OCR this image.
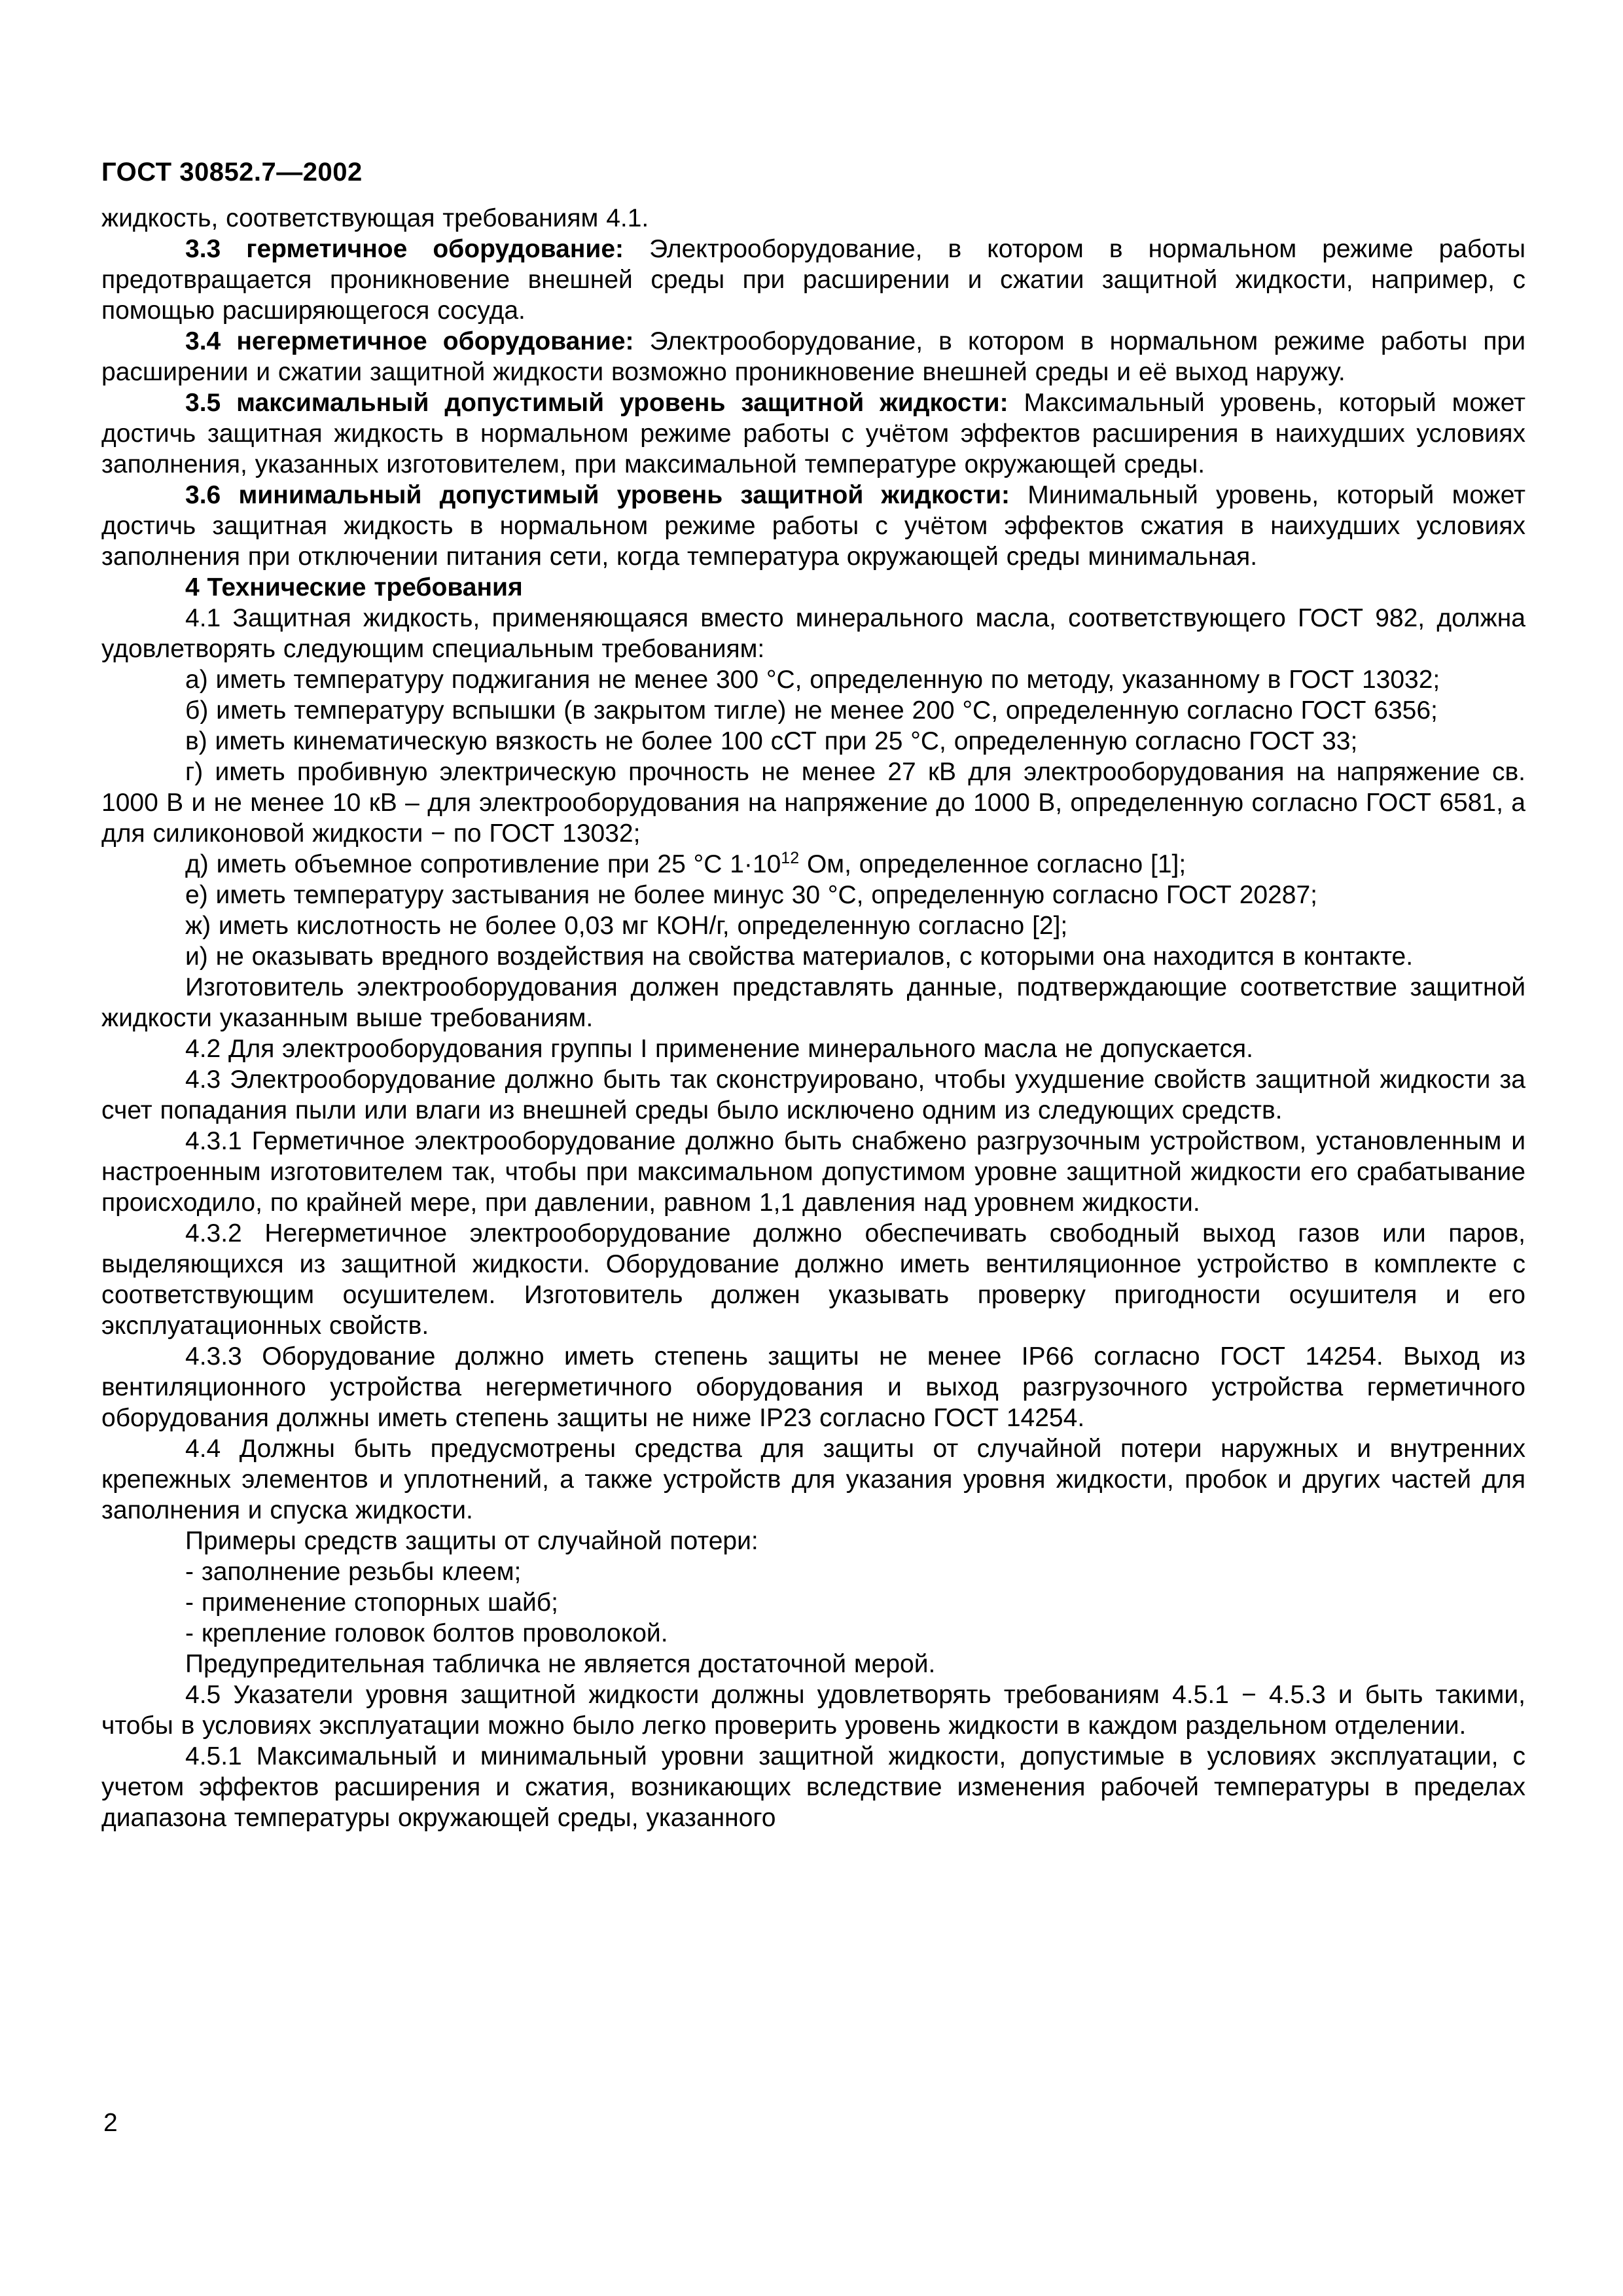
ГОСТ 30852.7—2002

жидкость, соответствующая требованиям 4.1.

3.3 герметичное оборудование: Электрооборудование, в котором в нормальном режиме работы предотвращается проникновение внешней среды при расширении и сжатии защитной жидкости, например, с помощью расширяющегося сосуда.

3.4 негерметичное оборудование: Электрооборудование, в котором в нормальном режиме работы при расширении и сжатии защитной жидкости возможно проникновение внешней среды и её выход наружу.

3.5 максимальный допустимый уровень защитной жидкости: Максимальный уровень, который может достичь защитная жидкость в нормальном режиме работы с учётом эффектов расширения в наихудших условиях заполнения, указанных изготовителем, при максимальной температуре окружающей среды.

3.6 минимальный допустимый уровень защитной жидкости: Минимальный уровень, который может достичь защитная жидкость в нормальном режиме работы с учётом эффектов сжатия в наихудших условиях заполнения при отключении питания сети, когда температура окружающей среды минимальная.

4 Технические требования

4.1 Защитная жидкость, применяющаяся вместо минерального масла, соответствующего ГОСТ 982, должна удовлетворять следующим специальным требованиям:

а) иметь температуру поджигания не менее 300 °С, определенную по методу, указанному в ГОСТ 13032;

б) иметь температуру вспышки (в закрытом тигле) не менее 200 °С, определенную согласно ГОСТ 6356;

в) иметь кинематическую вязкость не более 100 сСТ при 25 °С, определенную согласно ГОСТ 33;

г) иметь пробивную электрическую прочность не менее 27 кВ для электрооборудования на напряжение св. 1000 В и не менее 10 кВ – для электрооборудования на напряжение до 1000 В, определенную согласно ГОСТ 6581, а для силиконовой жидкости − по ГОСТ 13032;

д) иметь объемное сопротивление при 25 °С $1\cdot 10^{12}$ Ом, определенное согласно [1];

е) иметь температуру застывания не более минус 30 °С, определенную согласно ГОСТ 20287;

ж) иметь кислотность не более 0,03 мг КОН/г, определенную согласно [2];

и) не оказывать вредного воздействия на свойства материалов, с которыми она находится в контакте.

Изготовитель электрооборудования должен представлять данные, подтверждающие соответствие защитной жидкости указанным выше требованиям.

4.2 Для электрооборудования группы I применение минерального масла не допускается.

4.3 Электрооборудование должно быть так сконструировано, чтобы ухудшение свойств защитной жидкости за счет попадания пыли или влаги из внешней среды было исключено одним из следующих средств.

4.3.1 Герметичное электрооборудование должно быть снабжено разгрузочным устройством, установленным и настроенным изготовителем так, чтобы при максимальном допустимом уровне защитной жидкости его срабатывание происходило, по крайней мере, при давлении, равном 1,1 давления над уровнем жидкости.

4.3.2 Негерметичное электрооборудование должно обеспечивать свободный выход газов или паров, выделяющихся из защитной жидкости. Оборудование должно иметь вентиляционное устройство в комплекте с соответствующим осушителем. Изготовитель должен указывать проверку пригодности осушителя и его эксплуатационных свойств.

4.3.3 Оборудование должно иметь степень защиты не менее IP66 согласно ГОСТ 14254. Выход из вентиляционного устройства негерметичного оборудования и выход разгрузочного устройства герметичного оборудования должны иметь степень защиты не ниже IP23 согласно ГОСТ 14254.

4.4 Должны быть предусмотрены средства для защиты от случайной потери наружных и внутренних крепежных элементов и уплотнений, а также устройств для указания уровня жидкости, пробок и других частей для заполнения и спуска жидкости.

Примеры средств защиты от случайной потери:

- заполнение резьбы клеем;

- применение стопорных шайб;

- крепление головок болтов проволокой.

Предупредительная табличка не является достаточной мерой.

4.5 Указатели уровня защитной жидкости должны удовлетворять требованиям 4.5.1 − 4.5.3 и быть такими, чтобы в условиях эксплуатации можно было легко проверить уровень жидкости в каждом раздельном отделении.

4.5.1 Максимальный и минимальный уровни защитной жидкости, допустимые в условиях эксплуатации, с учетом эффектов расширения и сжатия, возникающих вследствие изменения рабочей температуры в пределах диапазона температуры окружающей среды, указанного

2
